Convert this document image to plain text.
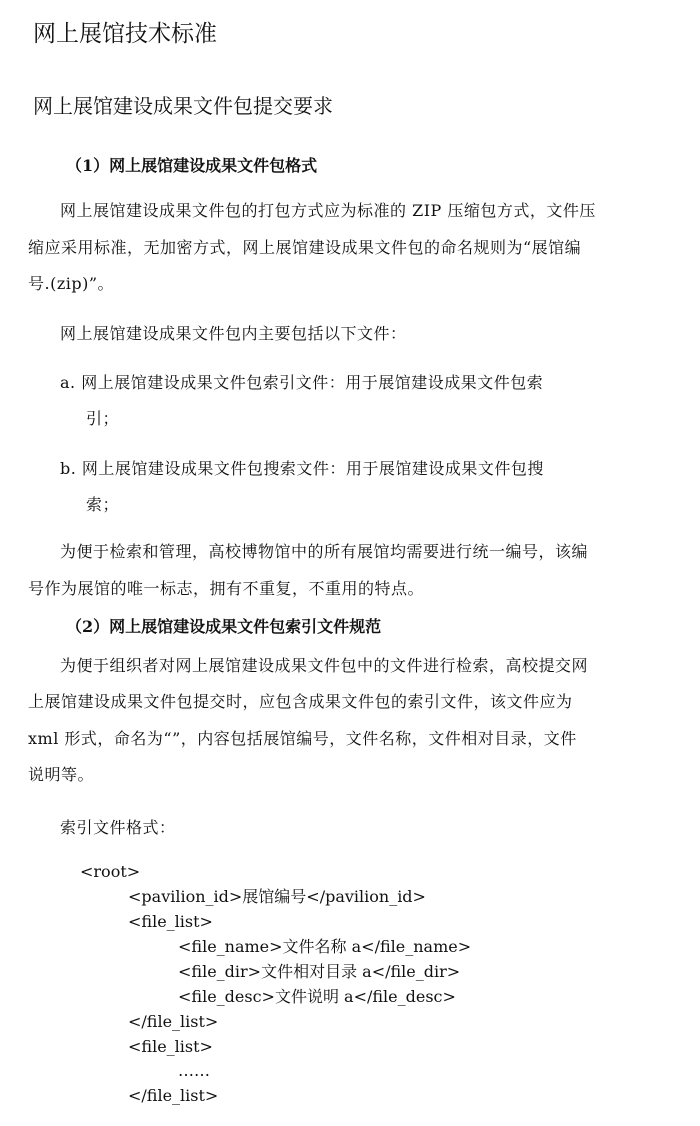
网上展馆技术标准
网上展馆建设成果文件包提交要求
（1）网上展馆建设成果文件包格式
网上展馆建设成果文件包的打包方式应为标准的 ZIP 压缩包方式，文件压
缩应采用标准，无加密方式，网上展馆建设成果文件包的命名规则为“展馆编
号.(zip)”。
网上展馆建设成果文件包内主要包括以下文件：
a. 网上展馆建设成果文件包索引文件：用于展馆建设成果文件包索
引；
b. 网上展馆建设成果文件包搜索文件：用于展馆建设成果文件包搜
索；
为便于检索和管理，高校博物馆中的所有展馆均需要进行统一编号，该编
号作为展馆的唯一标志，拥有不重复，不重用的特点。
（2）网上展馆建设成果文件包索引文件规范
为便于组织者对网上展馆建设成果文件包中的文件进行检索，高校提交网
上展馆建设成果文件包提交时，应包含成果文件包的索引文件，该文件应为
xml 形式，命名为“”，内容包括展馆编号，文件名称，文件相对目录，文件
说明等。
索引文件格式：
<root>
<pavilion_id>展馆编号</pavilion_id>
<file_list>
<file_name>文件名称 a</file_name>
<file_dir>文件相对目录 a</file_dir>
<file_desc>文件说明 a</file_desc>
</file_list>
<file_list>
……
</file_list>
